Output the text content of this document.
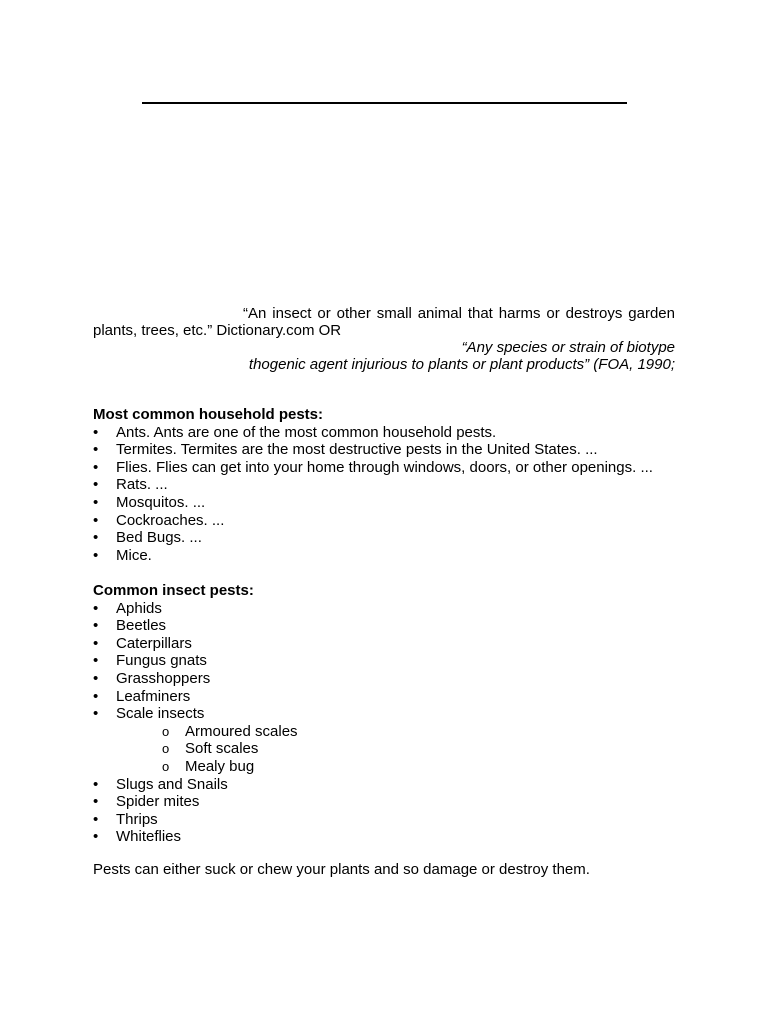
“An insect or other small animal that harms or destroys garden
plants, trees, etc.” Dictionary.com OR
“Any species or strain of biotype
thogenic agent injurious to plants or plant products” (FOA, 1990;
Most common household pests:
• Ants. Ants are one of the most common household pests.
• Termites. Termites are the most destructive pests in the United States. ...
• Flies. Flies can get into your home through windows, doors, or other openings. ...
• Rats. ...
• Mosquitos. ...
• Cockroaches. ...
• Bed Bugs. ...
• Mice.
Common insect pests:
• Aphids
• Beetles
• Caterpillars
• Fungus gnats
• Grasshoppers
• Leafminers
• Scale insects
o Armoured scales
o Soft scales
o Mealy bug
• Slugs and Snails
• Spider mites
• Thrips
• Whiteflies
Pests can either suck or chew your plants and so damage or destroy them.
